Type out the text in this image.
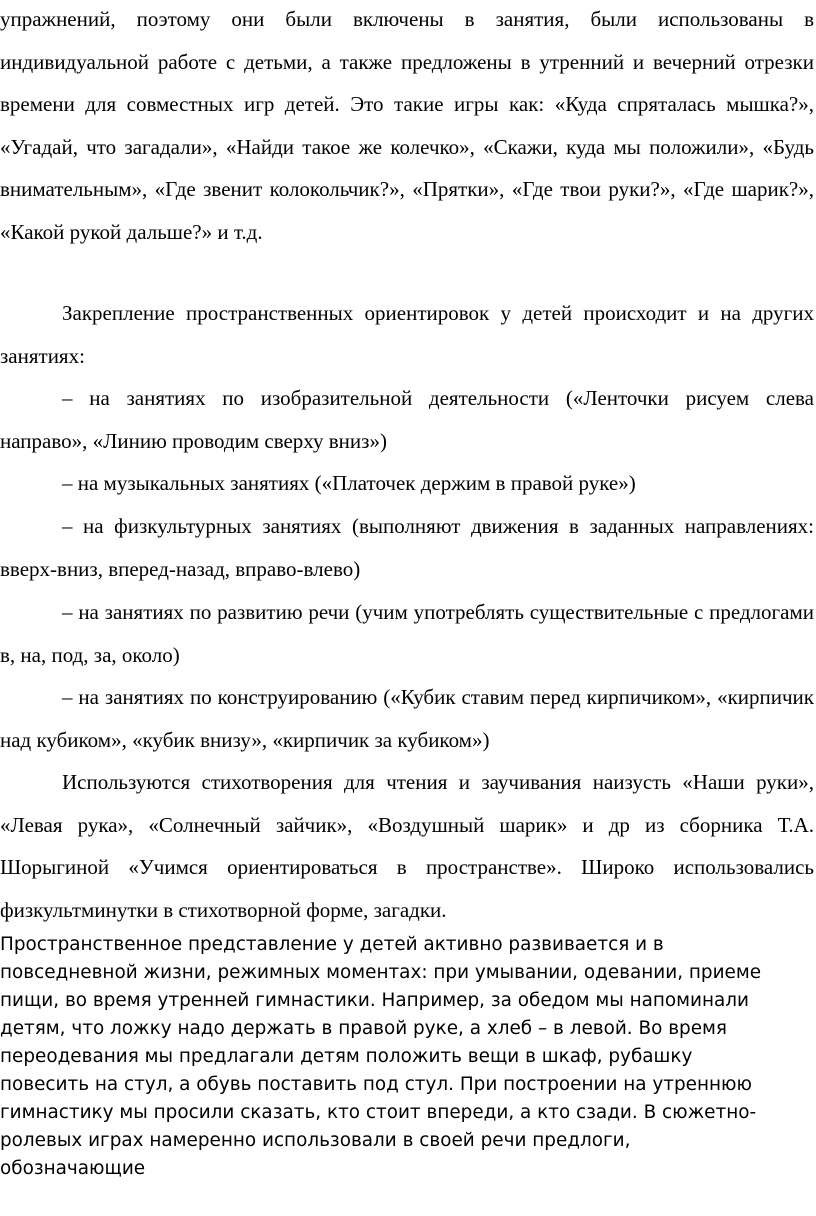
упражнений, поэтому они были включены в занятия, были использованы в индивидуальной работе с детьми, а также предложены в утренний и вечерний отрезки времени для совместных игр детей. Это такие игры как: «Куда спряталась мышка?», «Угадай, что загадали», «Найди такое же колечко», «Скажи, куда мы положили», «Будь внимательным», «Где звенит колокольчик?», «Прятки», «Где твои руки?», «Где шарик?», «Какой рукой дальше?» и т.д.

Закрепление пространственных ориентировок у детей происходит и на других занятиях:

– на занятиях по изобразительной деятельности («Ленточки рисуем слева направо», «Линию проводим сверху вниз»)

– на музыкальных занятиях («Платочек держим в правой руке»)

– на физкультурных занятиях (выполняют движения в заданных направлениях: вверх-вниз, вперед-назад, вправо-влево)

– на занятиях по развитию речи (учим употреблять существительные с предлогами в, на, под, за, около)

– на занятиях по конструированию («Кубик ставим перед кирпичиком», «кирпичик над кубиком», «кубик внизу», «кирпичик за кубиком»)

Используются стихотворения для чтения и заучивания наизусть «Наши руки», «Левая рука», «Солнечный зайчик», «Воздушный шарик» и др из сборника Т.А. Шорыгиной «Учимся ориентироваться в пространстве». Широко использовались физкультминутки в стихотворной форме, загадки.

Пространственное представление у детей активно развивается и в

повседневной жизни, режимных моментах: при умывании, одевании, приеме

пищи, во время утренней гимнастики. Например, за обедом мы напоминали

детям, что ложку надо держать в правой руке, а хлеб – в левой. Во время

переодевания мы предлагали детям положить вещи в шкаф, рубашку

повесить на стул, а обувь поставить под стул. При построении на утреннюю

гимнастику мы просили сказать, кто стоит впереди, а кто сзади. В сюжетно-

ролевых играх намеренно использовали в своей речи предлоги,

обозначающие
